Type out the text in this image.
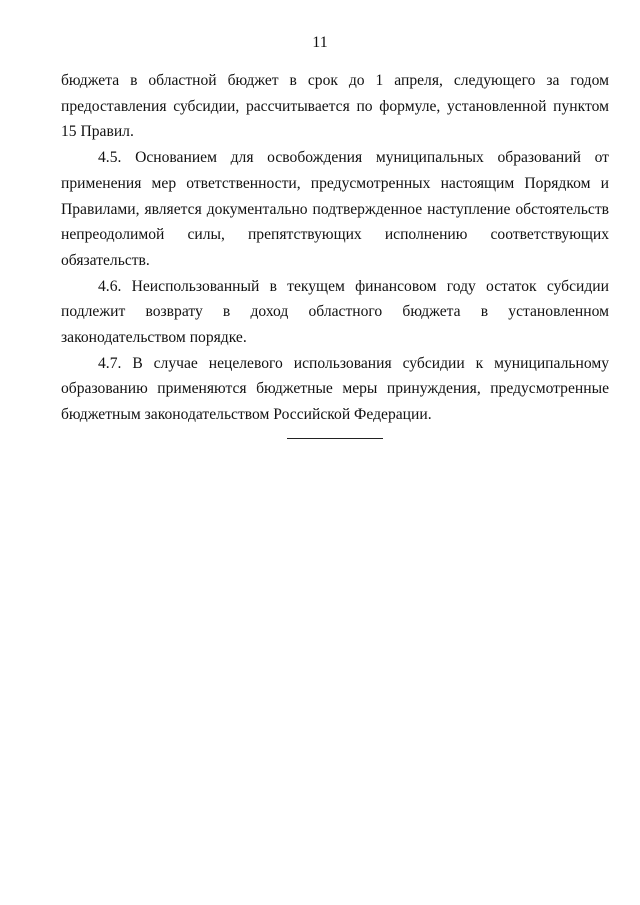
11

бюджета в областной бюджет в срок до 1 апреля, следующего за годом предоставления субсидии, рассчитывается по формуле, установленной пунктом 15 Правил.

4.5. Основанием для освобождения муниципальных образований от применения мер ответственности, предусмотренных настоящим Порядком и Правилами, является документально подтвержденное наступление обстоятельств непреодолимой силы, препятствующих исполнению соответствующих обязательств.

4.6. Неиспользованный в текущем финансовом году остаток субсидии подлежит возврату в доход областного бюджета в установленном законодательством порядке.

4.7. В случае нецелевого использования субсидии к муниципальному образованию применяются бюджетные меры принуждения, предусмотренные бюджетным законодательством Российской Федерации.
